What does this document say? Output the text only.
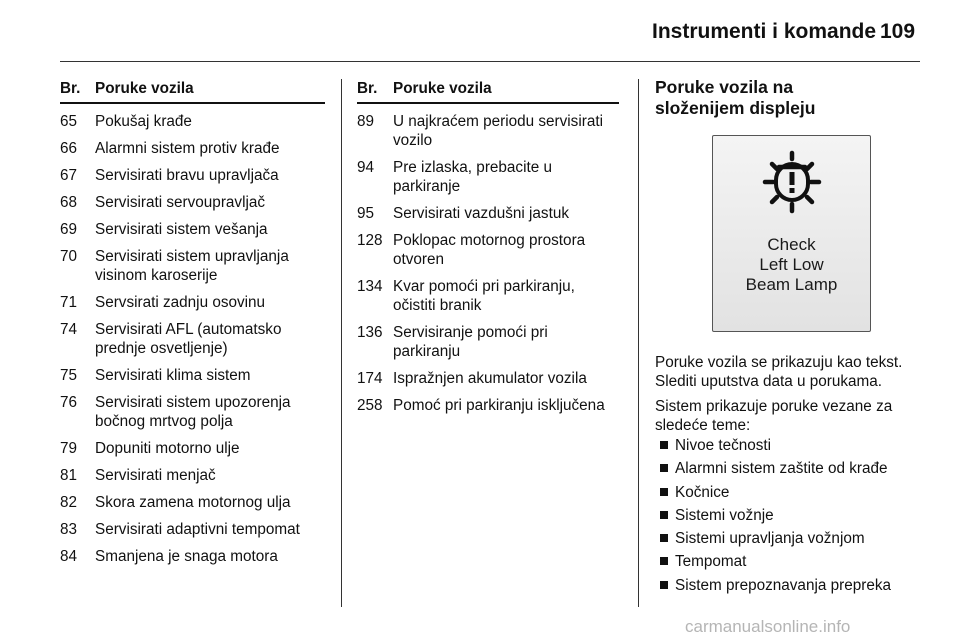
Instrumenti i komande 109
Br. Poruke vozila
65	Pokušaj krađe
66	Alarmni sistem protiv krađe
67	Servisirati bravu upravljača
68	Servisirati servoupravljač
69	Servisirati sistem vešanja
70	Servisirati sistem upravljanja visinom karoserije
71	Servsirati zadnju osovinu
74	Servisirati AFL (automatsko prednje osvetljenje)
75	Servisirati klima sistem
76	Servisirati sistem upozorenja bočnog mrtvog polja
79	Dopuniti motorno ulje
81	Servisirati menjač
82	Skora zamena motornog ulja
83	Servisirati adaptivni tempomat
84	Smanjena je snaga motora
Br.	Poruke vozila
89	U najkraćem periodu servisirati vozilo
94	Pre izlaska, prebacite u parkiranje
95	Servisirati vazdušni jastuk
128 Poklopac motornog prostora otvoren
134 Kvar pomoći pri parkiranju, očistiti branik
136 Servisiranje pomoći pri parkiranju
174 Ispražnjen akumulator vozila
258 Pomoć pri parkiranju isključena

Poruke vozila na

složenijem displeju

Check
Left Low
Beam Lamp
Poruke vozila se prikazuju kao tekst. Slediti uputstva data u porukama.
Sistem prikazuje poruke vezane za sledeće teme:
Nivoe tečnosti
Alarmni sistem zaštite od krađe
Kočnice
Sistemi vožnje
Sistemi upravljanja vožnjom
Tempomat
Sistem prepoznavanja prepreka
carmanualsonline.info
